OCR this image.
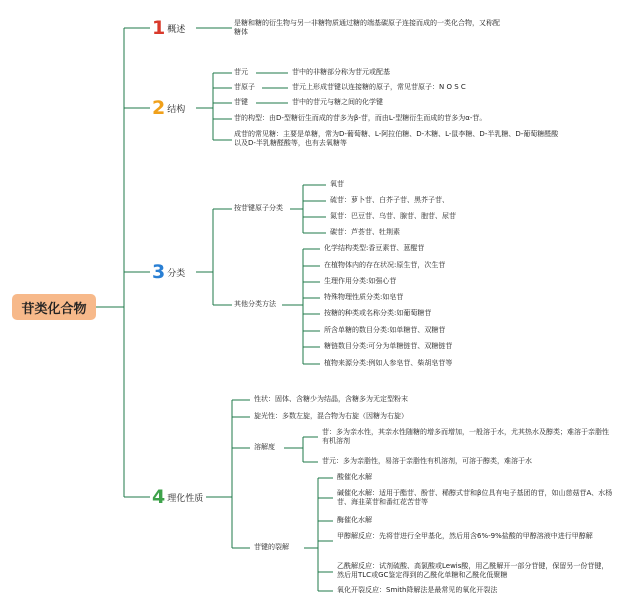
苷类化合物
1 概述
是糖和糖的衍生物与另一非糖物质通过糖的端基碳原子连接而成的一类化合物，又称配糖体
2 结构
苷元	苷中的非糖部分称为苷元或配基
苷原子	苷元上形成苷键以连接糖的原子，常见苷原子：N O S C
苷键	苷中的苷元与糖之间的化学键
苷的构型：由D-型糖衍生而成的苷多为β-苷，而由L-型糖衍生而成的苷多为α-苷。
成苷的常见糖：主要是单糖，常为D-葡萄糖、L-阿拉伯糖、D-木糖、L-鼠李糖、D-半乳糖、D-葡萄糖醛酸以及D-半乳糖醛酸等，也有去氧糖等
3 分类
按苷键原子分类
氧苷
硫苷：萝卜苷、白芥子苷、黑芥子苷、
氮苷：巴豆苷、乌苷、腺苷、胞苷、尿苷
碳苷：芦荟苷、牡荆素
其他分类方法
化学结构类型:香豆素苷、葸醌苷
在植物体内的存在状况:原生苷，次生苷
生理作用分类:如强心苷
特殊物理性质分类:如皂苷
按糖的种类或名称分类:如葡萄糖苷
所含单糖的数目分类:如单糖苷、双糖苷
糖链数目分类:可分为单糖链苷、双糖链苷
植物来源分类:例如人参皂苷、柴胡皂苷等
4 理化性质
性状：固体、含糖少为结晶，含糖多为无定型粉末
旋光性：多数左旋，混合物为右旋（因糖为右旋）
溶解度
苷：多为亲水性，其亲水性随糖的增多而增加，一般溶于水，尤其热水及醇类；难溶于亲脂性有机溶剂
苷元：多为亲脂性，易溶于亲脂性有机溶剂，可溶于醇类，难溶于水
苷键的裂解
酸催化水解
碱催化水解：适用于酯苷、酚苷、稀醇式苷和β位具有电子基团的苷，如山慈菇苷A、水杨苷、海韭菜苷和番红花苦苷等
酶催化水解
甲醇解反应：先将苷进行全甲基化，然后用含6%-9%盐酸的甲醇溶液中进行甲醇解
乙酰解反应：试剂硫酸、高氯酸或Lewis酸，用乙酰解开一部分苷键，保留另一份苷键，然后用TLC或GC鉴定得到的乙酰化单糖和乙酰化低聚糖
氧化开裂反应：Smith降解法是最常见的氧化开裂法
